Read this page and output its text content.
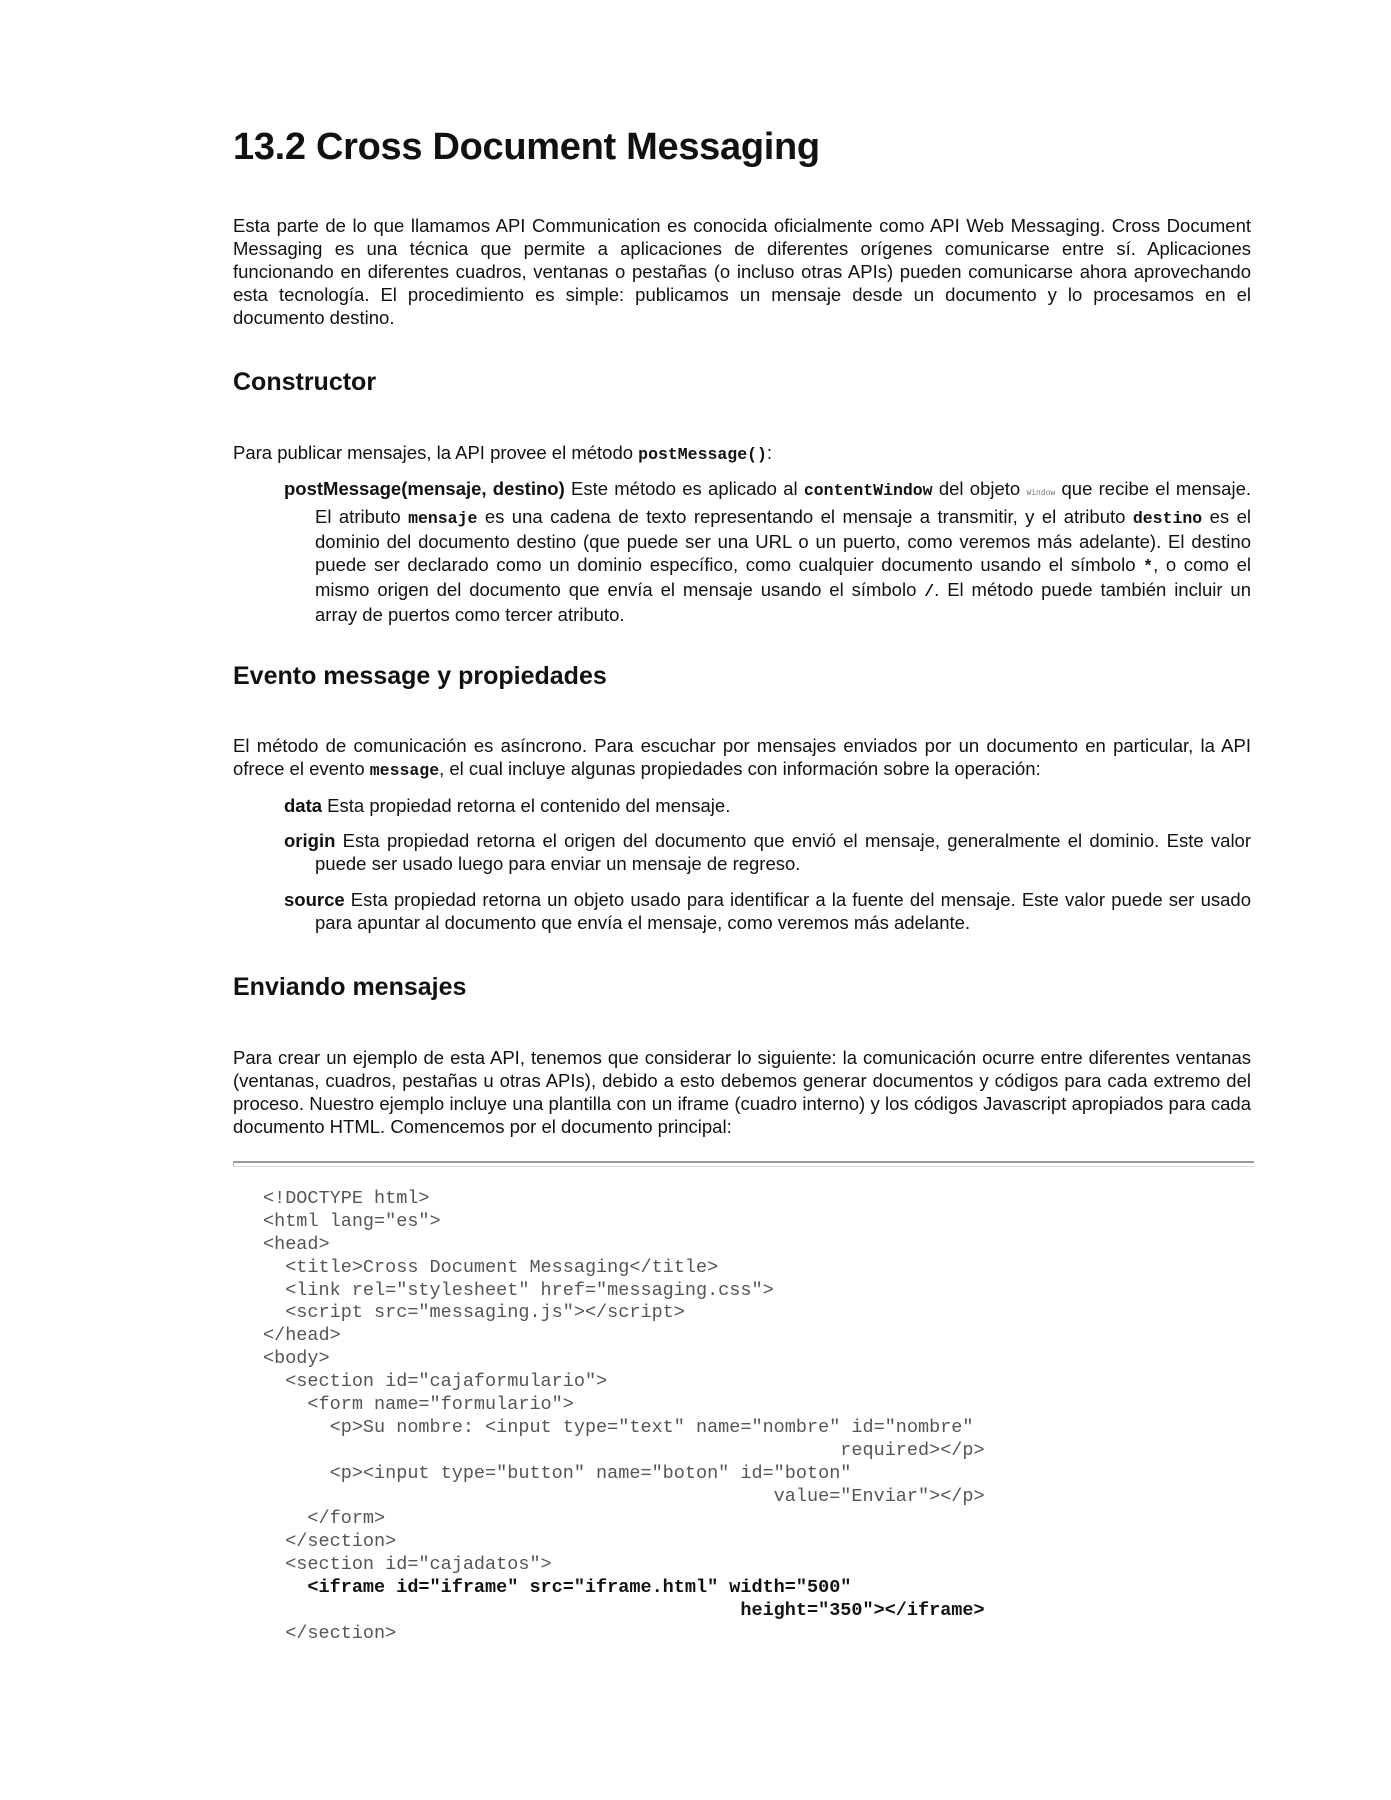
13.2 Cross Document Messaging
Esta parte de lo que llamamos API Communication es conocida oficialmente como API Web Messaging. Cross Document Messaging es una técnica que permite a aplicaciones de diferentes orígenes comunicarse entre sí. Aplicaciones funcionando en diferentes cuadros, ventanas o pestañas (o incluso otras APIs) pueden comunicarse ahora aprovechando esta tecnología. El procedimiento es simple: publicamos un mensaje desde un documento y lo procesamos en el documento destino.
Constructor
Para publicar mensajes, la API provee el método postMessage():
postMessage(mensaje, destino) Este método es aplicado al contentWindow del objeto Window que recibe el mensaje. El atributo mensaje es una cadena de texto representando el mensaje a transmitir, y el atributo destino es el dominio del documento destino (que puede ser una URL o un puerto, como veremos más adelante). El destino puede ser declarado como un dominio específico, como cualquier documento usando el símbolo *, o como el mismo origen del documento que envía el mensaje usando el símbolo /. El método puede también incluir un array de puertos como tercer atributo.
Evento message y propiedades
El método de comunicación es asíncrono. Para escuchar por mensajes enviados por un documento en particular, la API ofrece el evento message, el cual incluye algunas propiedades con información sobre la operación:
data Esta propiedad retorna el contenido del mensaje.
origin Esta propiedad retorna el origen del documento que envió el mensaje, generalmente el dominio. Este valor puede ser usado luego para enviar un mensaje de regreso.
source Esta propiedad retorna un objeto usado para identificar a la fuente del mensaje. Este valor puede ser usado para apuntar al documento que envía el mensaje, como veremos más adelante.
Enviando mensajes
Para crear un ejemplo de esta API, tenemos que considerar lo siguiente: la comunicación ocurre entre diferentes ventanas (ventanas, cuadros, pestañas u otras APIs), debido a esto debemos generar documentos y códigos para cada extremo del proceso. Nuestro ejemplo incluye una plantilla con un iframe (cuadro interno) y los códigos Javascript apropiados para cada documento HTML. Comencemos por el documento principal:
<!DOCTYPE html>
<html lang="es">
<head>
<title>Cross Document Messaging</title>
<link rel="stylesheet" href="messaging.css">
<script src="messaging.js"></script>
</head>
<body>
<section id="cajaformulario">
<form name="formulario">
<p>Su nombre: <input type="text" name="nombre" id="nombre"
required></p>
<p><input type="button" name="boton" id="boton"
value="Enviar"></p>
</form>
</section>
<section id="cajadatos">
<iframe id="iframe" src="iframe.html" width="500"
height="350"></iframe>
</section>
